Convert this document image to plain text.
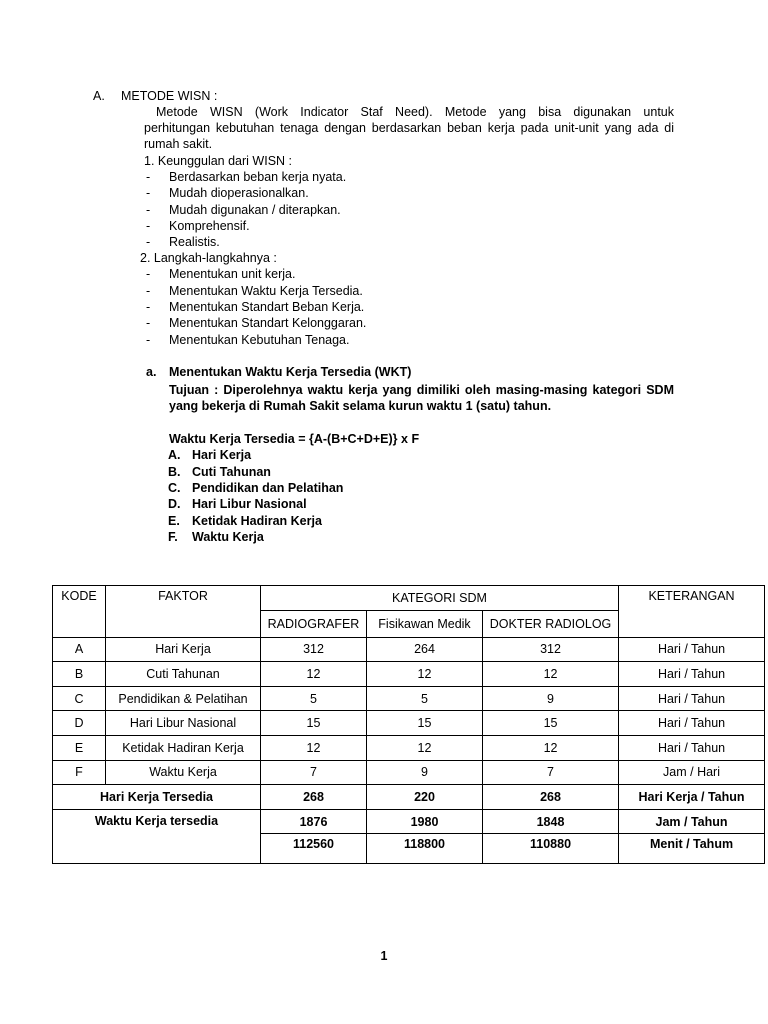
A. METODE WISN :
Metode WISN (Work Indicator Staf Need). Metode yang bisa digunakan untuk
perhitungan kebutuhan tenaga dengan berdasarkan beban kerja pada unit-unit yang ada di
rumah sakit.
1. Keunggulan dari WISN :
- Berdasarkan beban kerja nyata.
- Mudah dioperasionalkan.
- Mudah digunakan / diterapkan.
- Komprehensif.
- Realistis.
2. Langkah-langkahnya :
- Menentukan unit kerja.
- Menentukan Waktu Kerja Tersedia.
- Menentukan Standart Beban Kerja.
- Menentukan Standart Kelonggaran.
- Menentukan Kebutuhan Tenaga.
a. Menentukan Waktu Kerja Tersedia (WKT)
Tujuan : Diperolehnya waktu kerja yang dimiliki oleh masing-masing kategori SDM
yang bekerja di Rumah Sakit selama kurun waktu 1 (satu) tahun.
Waktu Kerja Tersedia = {A-(B+C+D+E)} x F
A. Hari Kerja
B. Cuti Tahunan
C. Pendidikan dan Pelatihan
D. Hari Libur Nasional
E. Ketidak Hadiran Kerja
F. Waktu Kerja
KODE	FAKTOR	KATEGORI SDM			KETERANGAN
		RADIOGRAFER	Fisikawan Medik	DOKTER RADIOLOG	
A	Hari Kerja	312	264	312	Hari / Tahun
B	Cuti Tahunan	12	12	12	Hari / Tahun
C	Pendidikan & Pelatihan	5	5	9	Hari / Tahun
D	Hari Libur Nasional	15	15	15	Hari / Tahun
E	Ketidak Hadiran Kerja	12	12	12	Hari / Tahun
F	Waktu Kerja	7	9	7	Jam / Hari
Hari Kerja Tersedia		268	220	268	Hari Kerja / Tahun
Waktu Kerja tersedia		1876	1980	1848	Jam / Tahun
		112560	118800	110880	Menit / Tahum
1
